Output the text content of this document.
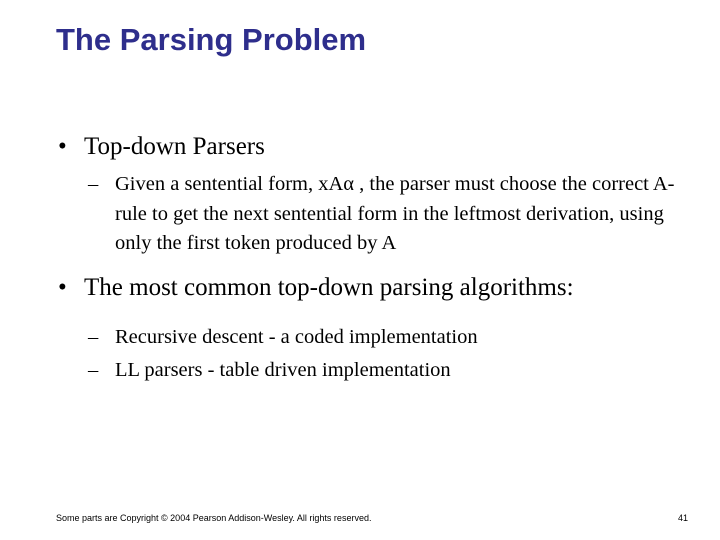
The Parsing Problem
• Top-down Parsers
– Given a sentential form, xAα , the parser must choose the correct A-rule to get the next sentential form in the leftmost derivation, using only the first token produced by A
• The most common top-down parsing algorithms:
– Recursive descent - a coded implementation
– LL parsers - table driven implementation
Some parts are Copyright © 2004 Pearson Addison-Wesley. All rights reserved.	41
